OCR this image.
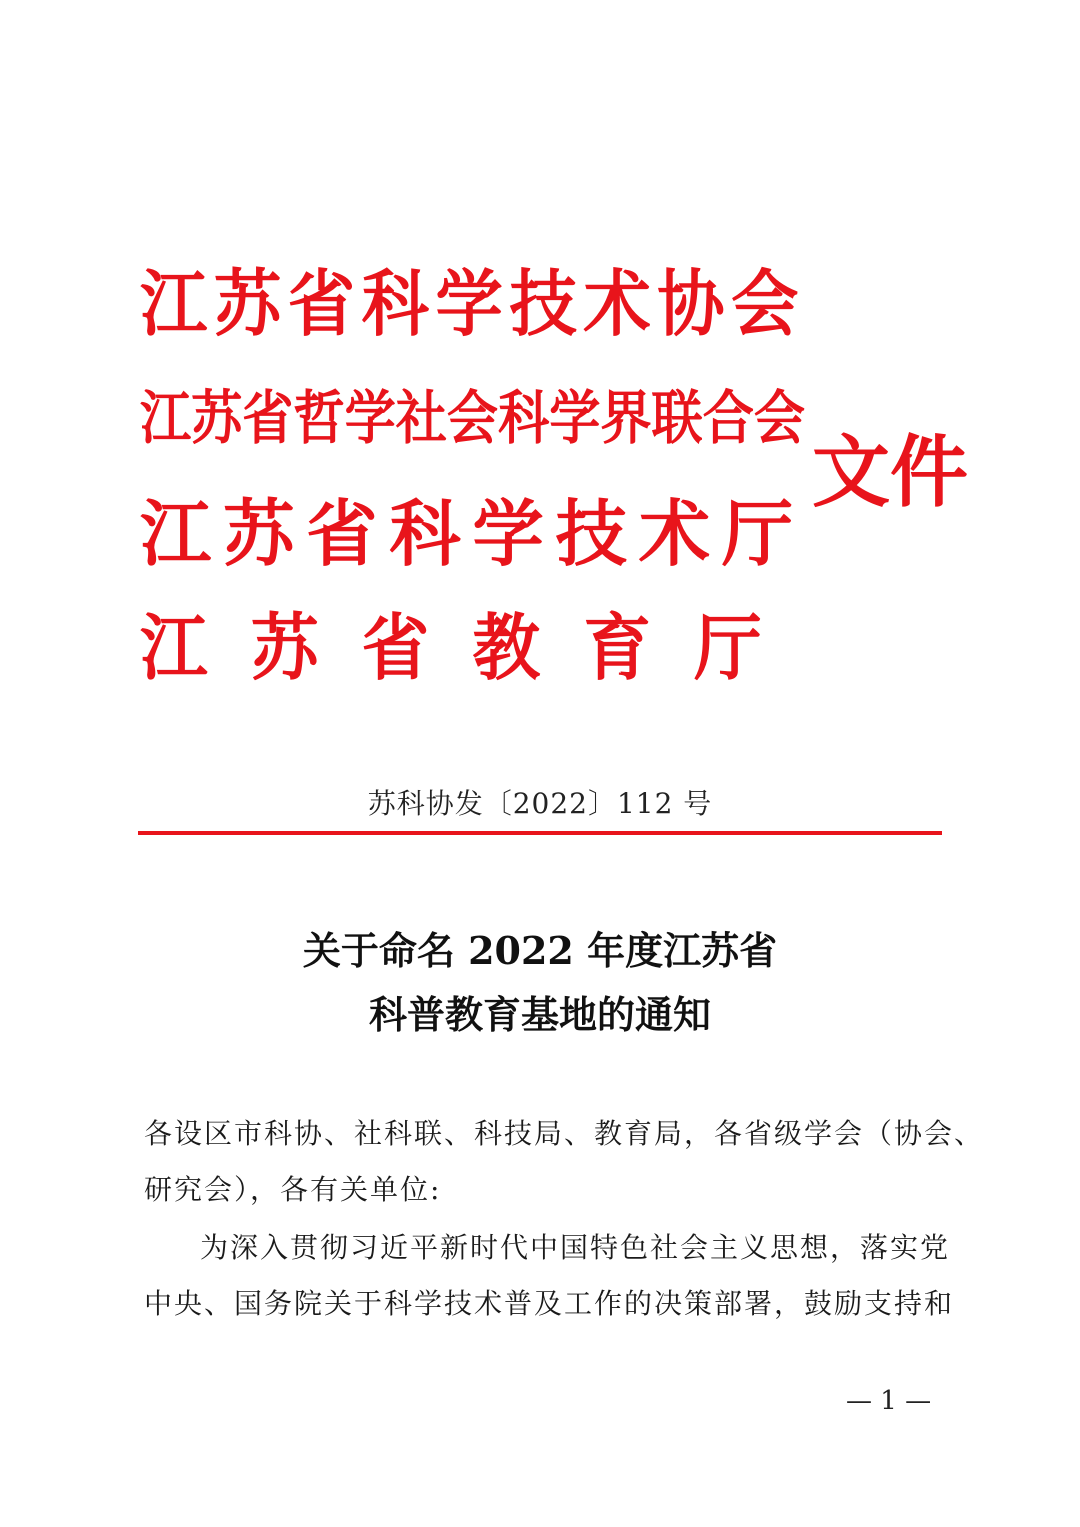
江苏省科学技术协会
江苏省哲学社会科学界联合会
江苏省科学技术厅
江苏省教育厅
文件
苏科协发〔2022〕112 号
关于命名 2022 年度江苏省
科普教育基地的通知
各设区市科协、社科联、科技局、教育局，各省级学会（协会、
研究会），各有关单位:
为深入贯彻习近平新时代中国特色社会主义思想，落实党
中央、国务院关于科学技术普及工作的决策部署，鼓励支持和
— 1 —
